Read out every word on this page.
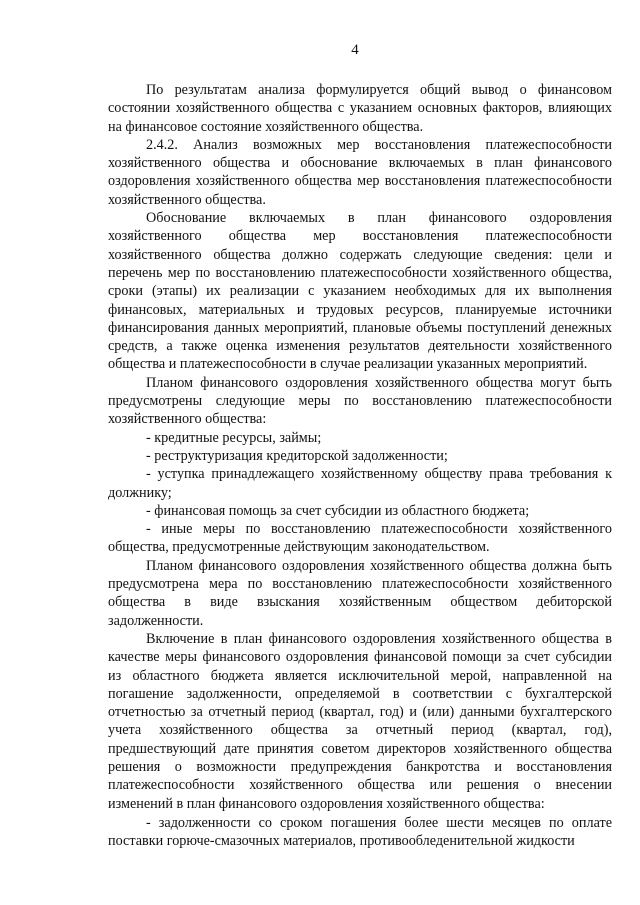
4

По результатам анализа формулируется общий вывод о финансовом состоянии хозяйственного общества с указанием основных факторов, влияющих на финансовое состояние хозяйственного общества.

2.4.2. Анализ возможных мер восстановления платежеспособности хозяйственного общества и обоснование включаемых в план финансового оздоровления хозяйственного общества мер восстановления платежеспособности хозяйственного общества.

Обоснование включаемых в план финансового оздоровления хозяйственного общества мер восстановления платежеспособности хозяйственного общества должно содержать следующие сведения: цели и перечень мер по восстановлению платежеспособности хозяйственного общества, сроки (этапы) их реализации с указанием необходимых для их выполнения финансовых, материальных и трудовых ресурсов, планируемые источники финансирования данных мероприятий, плановые объемы поступлений денежных средств, а также оценка изменения результатов деятельности хозяйственного общества и платежеспособности в случае реализации указанных мероприятий.

Планом финансового оздоровления хозяйственного общества могут быть предусмотрены следующие меры по восстановлению платежеспособности хозяйственного общества:

- кредитные ресурсы, займы;

- реструктуризация кредиторской задолженности;

- уступка принадлежащего хозяйственному обществу права требования к должнику;

- финансовая помощь за счет субсидии из областного бюджета;

- иные меры по восстановлению платежеспособности хозяйственного общества, предусмотренные действующим законодательством.

Планом финансового оздоровления хозяйственного общества должна быть предусмотрена мера по восстановлению платежеспособности хозяйственного общества в виде взыскания хозяйственным обществом дебиторской задолженности.

Включение в план финансового оздоровления хозяйственного общества в качестве меры финансового оздоровления финансовой помощи за счет субсидии из областного бюджета является исключительной мерой, направленной на погашение задолженности, определяемой в соответствии с бухгалтерской отчетностью за отчетный период (квартал, год) и (или) данными бухгалтерского учета хозяйственного общества за отчетный период (квартал, год), предшествующий дате принятия советом директоров хозяйственного общества решения о возможности предупреждения банкротства и восстановления платежеспособности хозяйственного общества или решения о внесении изменений в план финансового оздоровления хозяйственного общества:

- задолженности со сроком погашения более шести месяцев по оплате поставки горюче-смазочных материалов, противообледенительной жидкости
